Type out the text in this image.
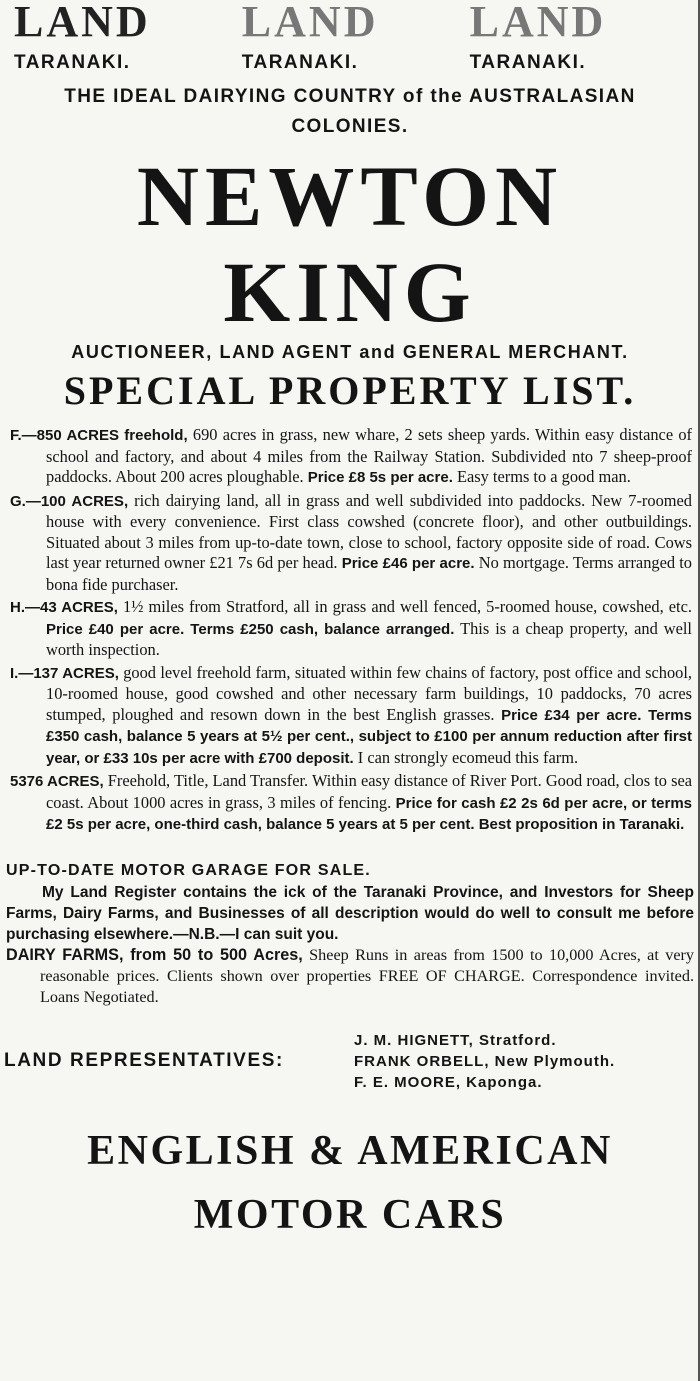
LAND
TARANAKI.
LAND
TARANAKI.
LAND
TARANAKI.
THE IDEAL DAIRYING COUNTRY of the AUSTRALASIAN COLONIES.
NEWTON KING
AUCTIONEER, LAND AGENT and GENERAL MERCHANT.
SPECIAL PROPERTY LIST.

F.—850 ACRES freehold, 690 acres in grass, new whare, 2 sets sheep yards. Within easy distance of school and factory, and about 4 miles from the Railway Station. Subdivided nto 7 sheep-proof paddocks. About 200 acres ploughable. Price £8 5s per acre. Easy terms to a good man.

G.—100 ACRES, rich dairying land, all in grass and well subdivided into paddocks. New 7-roomed house with every convenience. First class cowshed (concrete floor), and other outbuildings. Situated about 3 miles from up-to-date town, close to school, factory opposite side of road. Cows last year returned owner £21 7s 6d per head. Price £46 per acre. No mortgage. Terms arranged to bona fide purchaser.

H.—43 ACRES, 1½ miles from Stratford, all in grass and well fenced, 5-roomed house, cowshed, etc. Price £40 per acre. Terms £250 cash, balance arranged. This is a cheap property, and well worth inspection.

I.—137 ACRES, good level freehold farm, situated within few chains of factory, post office and school, 10-roomed house, good cowshed and other necessary farm buildings, 10 paddocks, 70 acres stumped, ploughed and resown down in the best English grasses. Price £34 per acre. Terms £350 cash, balance 5 years at 5½ per cent., subject to £100 per annum reduction after first year, or £33 10s per acre with £700 deposit. I can strongly ecomeud this farm.

5376 ACRES, Freehold, Title, Land Transfer. Within easy distance of River Port. Good road, clos to sea coast. About 1000 acres in grass, 3 miles of fencing. Price for cash £2 2s 6d per acre, or terms £2 5s per acre, one-third cash, balance 5 years at 5 per cent. Best proposition in Taranaki.

UP-TO-DATE MOTOR GARAGE FOR SALE.

My Land Register contains the ick of the Taranaki Province, and Investors for Sheep Farms, Dairy Farms, and Businesses of all description would do well to consult me before purchasing elsewhere.—N.B.—I can suit you.

DAIRY FARMS, from 50 to 500 Acres, Sheep Runs in areas from 1500 to 10,000 Acres, at very reasonable prices. Clients shown over properties FREE OF CHARGE. Correspondence invited. Loans Negotiated.

LAND REPRESENTATIVES:
J. M. HIGNETT, Stratford.
FRANK ORBELL, New Plymouth.
F. E. MOORE, Kaponga.
ENGLISH & AMERICAN
MOTOR CARS
